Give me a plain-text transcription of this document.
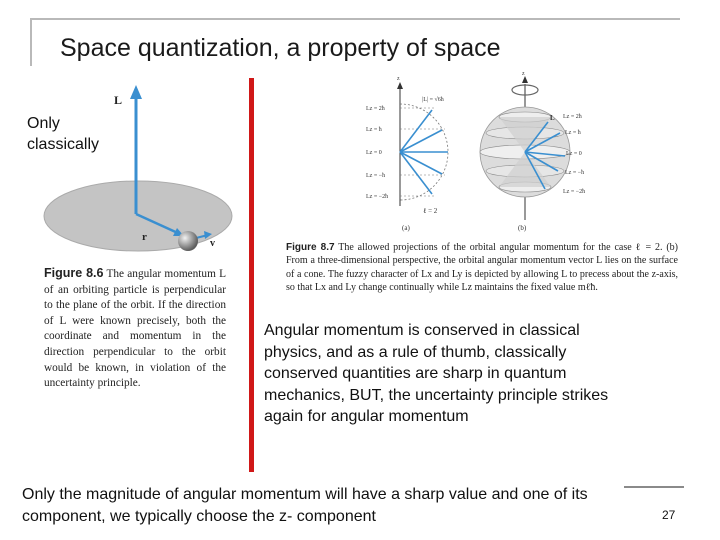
Space quantization, a property of space
Only
classically
L
r
v
Figure 8.6 The angular momentum L of an orbiting particle is perpendicular to the plane of the orbit. If the direction of L were known precisely, both the coordinate and momentum in the direction perpendicular to the orbit would be known, in violation of the uncertainty principle.
z
|L| = √6ħ
Lz = 2ħ
Lz = ħ
Lz = 0
Lz = −ħ
Lz = −2ħ
ℓ = 2
(a)
z
L Lz = 2ħ
Lz = ħ
Lz = 0
Lz = −ħ
Lz = −2ħ
(b)
Figure 8.7 The allowed projections of the orbital angular momentum for the case ℓ = 2. (b) From a three-dimensional perspective, the orbital angular momentum vector L lies on the surface of a cone. The fuzzy character of Lx and Ly is depicted by allowing L to precess about the z-axis, so that Lx and Ly change continually while Lz maintains the fixed value mℓħ.
Angular momentum is conserved in classical physics, and as a rule of thumb, classically conserved quantities are sharp in quantum mechanics, BUT, the uncertainty principle strikes again for angular momentum
Only the magnitude of angular momentum will have a sharp value and one of its component, we typically choose the z- component	27
